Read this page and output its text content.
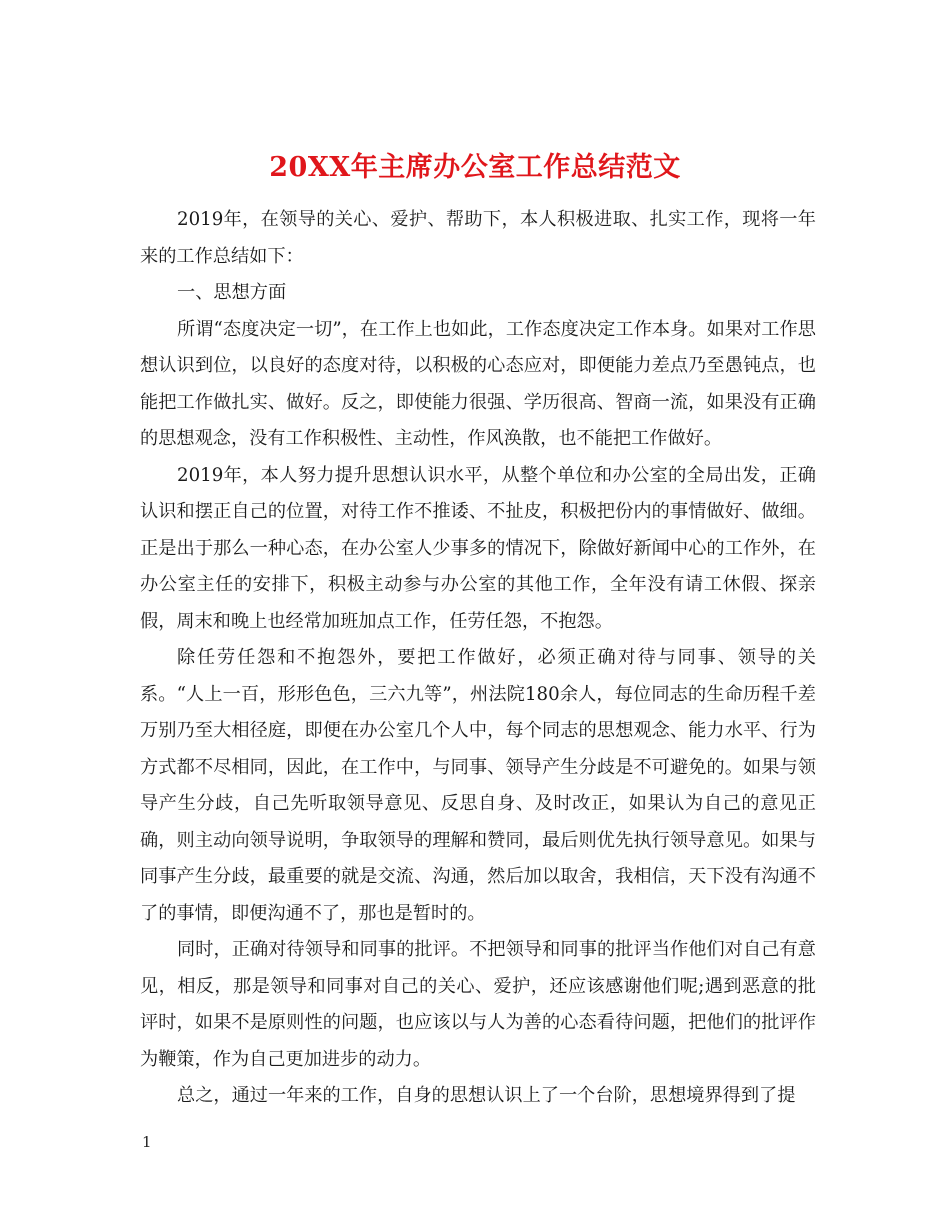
20XX年主席办公室工作总结范文

2019年，在领导的关心、爱护、帮助下，本人积极进取、扎实工作，现将一年来的工作总结如下：

一、思想方面

所谓“态度决定一切”，在工作上也如此，工作态度决定工作本身。如果对工作思想认识到位，以良好的态度对待，以积极的心态应对，即便能力差点乃至愚钝点，也能把工作做扎实、做好。反之，即使能力很强、学历很高、智商一流，如果没有正确的思想观念，没有工作积极性、主动性，作风涣散，也不能把工作做好。

2019年，本人努力提升思想认识水平，从整个单位和办公室的全局出发，正确认识和摆正自己的位置，对待工作不推诿、不扯皮，积极把份内的事情做好、做细。正是出于那么一种心态，在办公室人少事多的情况下，除做好新闻中心的工作外，在办公室主任的安排下，积极主动参与办公室的其他工作，全年没有请工休假、探亲假，周末和晚上也经常加班加点工作，任劳任怨，不抱怨。

除任劳任怨和不抱怨外，要把工作做好，必须正确对待与同事、领导的关系。“人上一百，形形色色，三六九等”，州法院180余人，每位同志的生命历程千差万别乃至大相径庭，即便在办公室几个人中，每个同志的思想观念、能力水平、行为方式都不尽相同，因此，在工作中，与同事、领导产生分歧是不可避免的。如果与领导产生分歧，自己先听取领导意见、反思自身、及时改正，如果认为自己的意见正确，则主动向领导说明，争取领导的理解和赞同，最后则优先执行领导意见。如果与同事产生分歧，最重要的就是交流、沟通，然后加以取舍，我相信，天下没有沟通不了的事情，即便沟通不了，那也是暂时的。

同时，正确对待领导和同事的批评。不把领导和同事的批评当作他们对自己有意见，相反，那是领导和同事对自己的关心、爱护，还应该感谢他们呢;遇到恶意的批评时，如果不是原则性的问题，也应该以与人为善的心态看待问题，把他们的批评作为鞭策，作为自己更加进步的动力。

总之，通过一年来的工作，自身的思想认识上了一个台阶，思想境界得到了提

1
